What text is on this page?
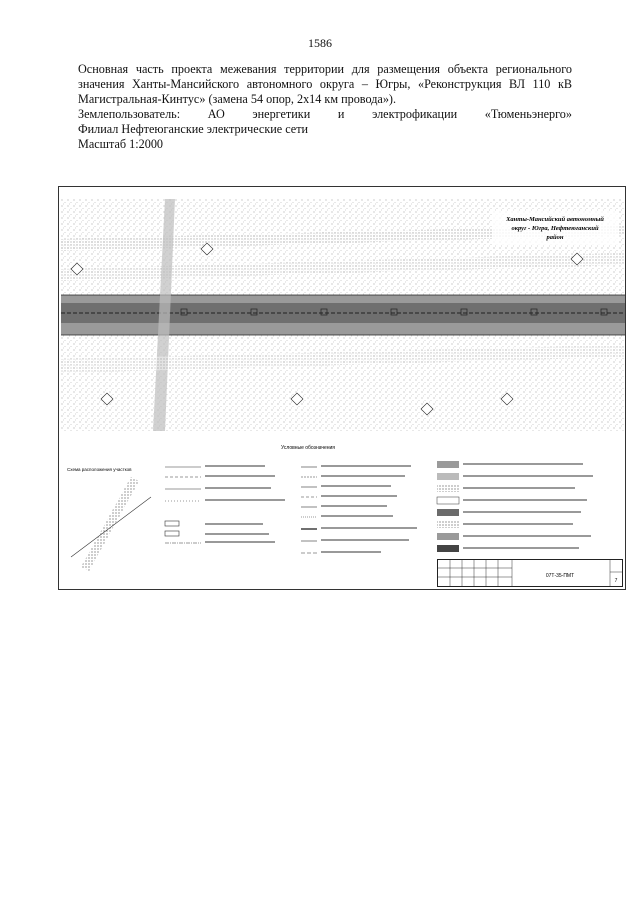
1586

Основная часть проекта межевания территории для размещения объекта регионального

значения Ханты-Мансийского автономного округа – Югры, «Реконструкция ВЛ 110 кВ

Магистральная-Кинтус» (замена 54 опор, 2х14 км провода»).

Землепользователь: АО энергетики и электрофикации «Тюменьэнерго»

Филиал Нефтеюганские электрические сети

Масштаб 1:2000

Ханты-Мансийский автономный
округ - Югра, Нефтеюганский
район
Условные обозначения
Схема расположения участков
07Т-35-ПМТ
7
